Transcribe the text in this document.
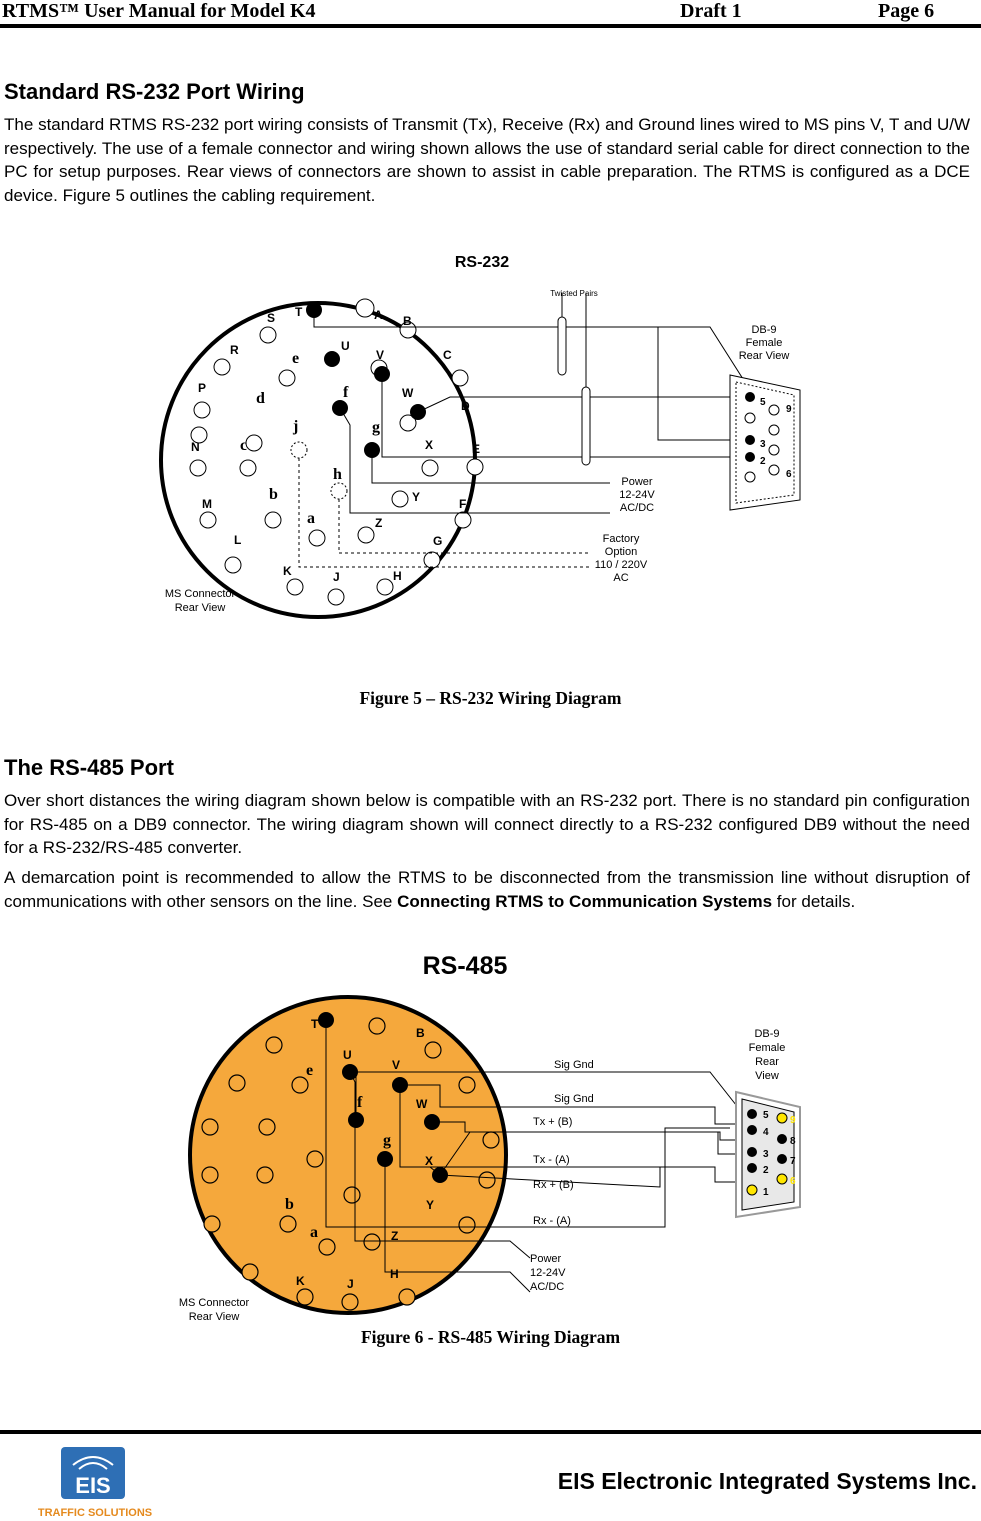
RTMS™ User Manual for Model K4	Draft 1	Page 6
Standard RS-232 Port Wiring

The standard RTMS RS-232 port wiring consists of Transmit (Tx), Receive (Rx) and Ground lines wired to MS pins V, T and U/W respectively. The use of a female connector and wiring shown allows the use of standard serial cable for direct connection to the PC for setup purposes. Rear views of connectors are shown to assist in cable preparation. The RTMS is configured as a DCE device. Figure 5 outlines the cabling requirement.

RS-232
Twisted Pairs
S T	A B
R	e
U
V	C
P
d	f	W
D
N	c
j	g
X	E
h
M
b	Y	F
L
a	Z
G
K	J	H
5
9
3
2
6
DB-9
Female
Rear View
Power
12-24V
AC/DC
Factory
Option
110 / 220V
AC
MS Connector
Rear View
Figure 5 – RS-232 Wiring Diagram
The RS-485 Port

Over short distances the wiring diagram shown below is compatible with an RS-232 port. There is no standard pin configuration for RS-485 on a DB9 connector. The wiring diagram shown will connect directly to a RS-232 configured DB9 without the need for a RS-232/RS-485 converter.

A demarcation point is recommended to allow the RTMS to be disconnected from the transmission line without disruption of communications with other sensors on the line. See Connecting RTMS to Communication Systems for details.

RS-485
T
B
U
V
e
f	W
g
X
b	Y
a	Z
K	J
H
5
4
3
2
1
9
8
7
6
DB-9
Female
Rear
View
Sig Gnd
Sig Gnd
Tx + (B)
Tx - (A)
Rx + (B)
Rx - (A)
Power
12-24V
AC/DC
MS Connector
Rear View
Figure 6 - RS-485 Wiring Diagram
EIS
TRAFFIC SOLUTIONS
EIS Electronic Integrated Systems Inc.
